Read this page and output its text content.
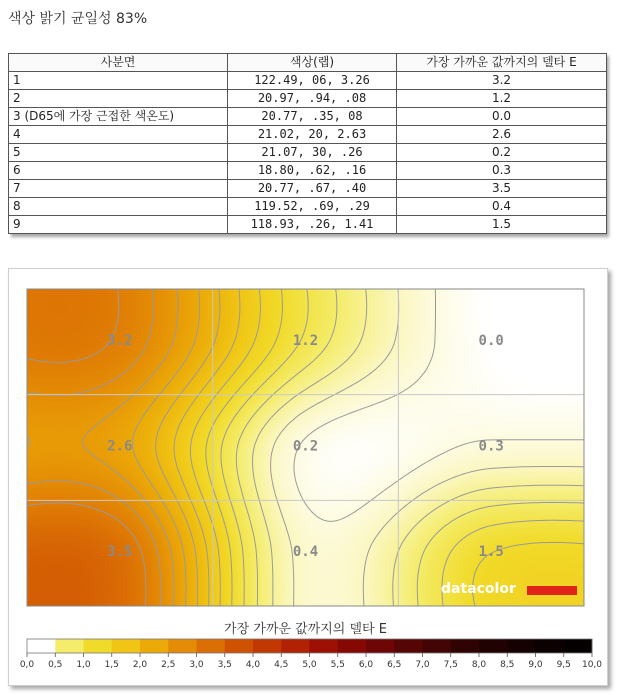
색상 밝기 균일성 83%
사분면	색상(랩)	가장 가까운 값까지의 델타 E
1	122.49, 06, 3.26	3.2
2	20.97, .94, .08	1.2
3 (D65에 가장 근접한 색온도)	20.77, .35, 08	0.0
4	21.02, 20, 2.63	2.6
5	21.07, 30, .26	0.2
6	18.80, .62, .16	0.3
7	20.77, .67, .40	3.5
8	119.52, .69, .29	0.4
9	118.93, .26, 1.41	1.5
3.2	1.2	0.0
2.6	0.2	0.3
3.5	0.4	1.5
datacolor
가장 가까운 값까지의 델타 E
0,0 0,5 1,0 1,5 2,0 2,5 3,0 3,5 4,0 4,5 5,0 5,5 6,0 6,5 7,0 7,5 8,0 8,5 9,0 9,5 10,0
